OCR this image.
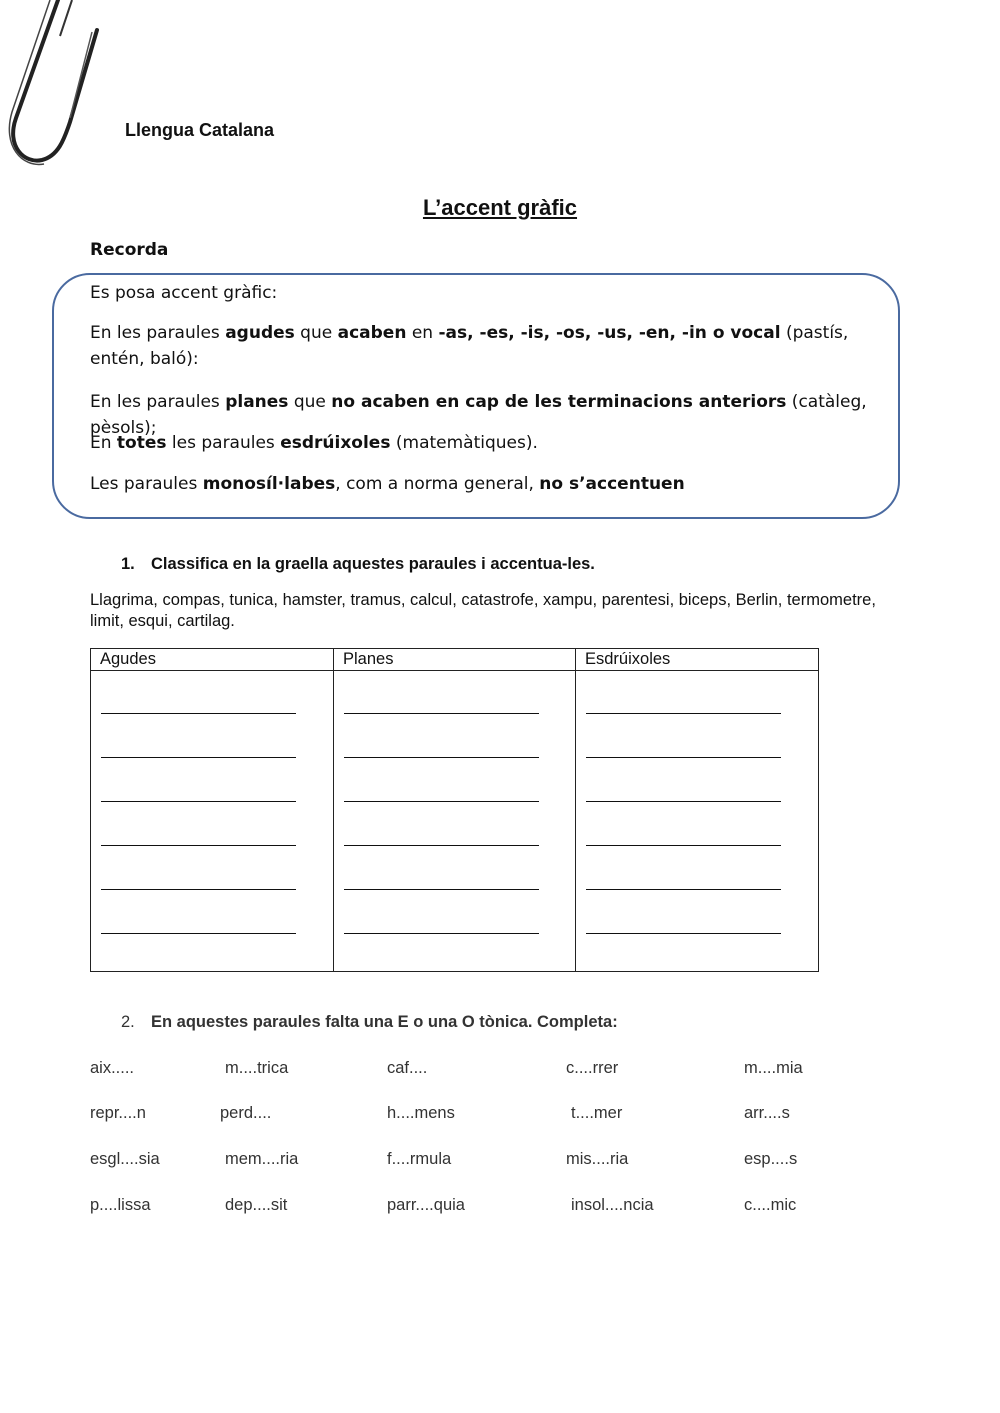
Llengua Catalana
L’accent gràfic
Recorda
Es posa accent gràfic:
En les paraules agudes que acaben en -as, -es, -is, -os, -us, -en, -in o vocal (pastís,
entén, baló):
En les paraules planes que no acaben en cap de les terminacions anteriors (catàleg, pèsols);
En totes les paraules esdrúixoles (matemàtiques).
Les paraules monosíl·labes, com a norma general, no s’accentuen
1. Classifica en la graella aquestes paraules i accentua-les.
Llagrima, compas, tunica, hamster, tramus, calcul, catastrofe, xampu, parentesi, biceps, Berlin, termometre, limit, esqui, cartilag.
Agudes	Planes	Esdrúixoles

2. En aquestes paraules falta una E o una O tònica. Completa:
aix.....	m....trica	caf....	c....rrer	m....mia
repr....n	perd....	h....mens	t....mer	arr....s
esgl....sia	mem....ria	f....rmula	mis....ria	esp....s
p....lissa	dep....sit	parr....quia	insol....ncia	c....mic
